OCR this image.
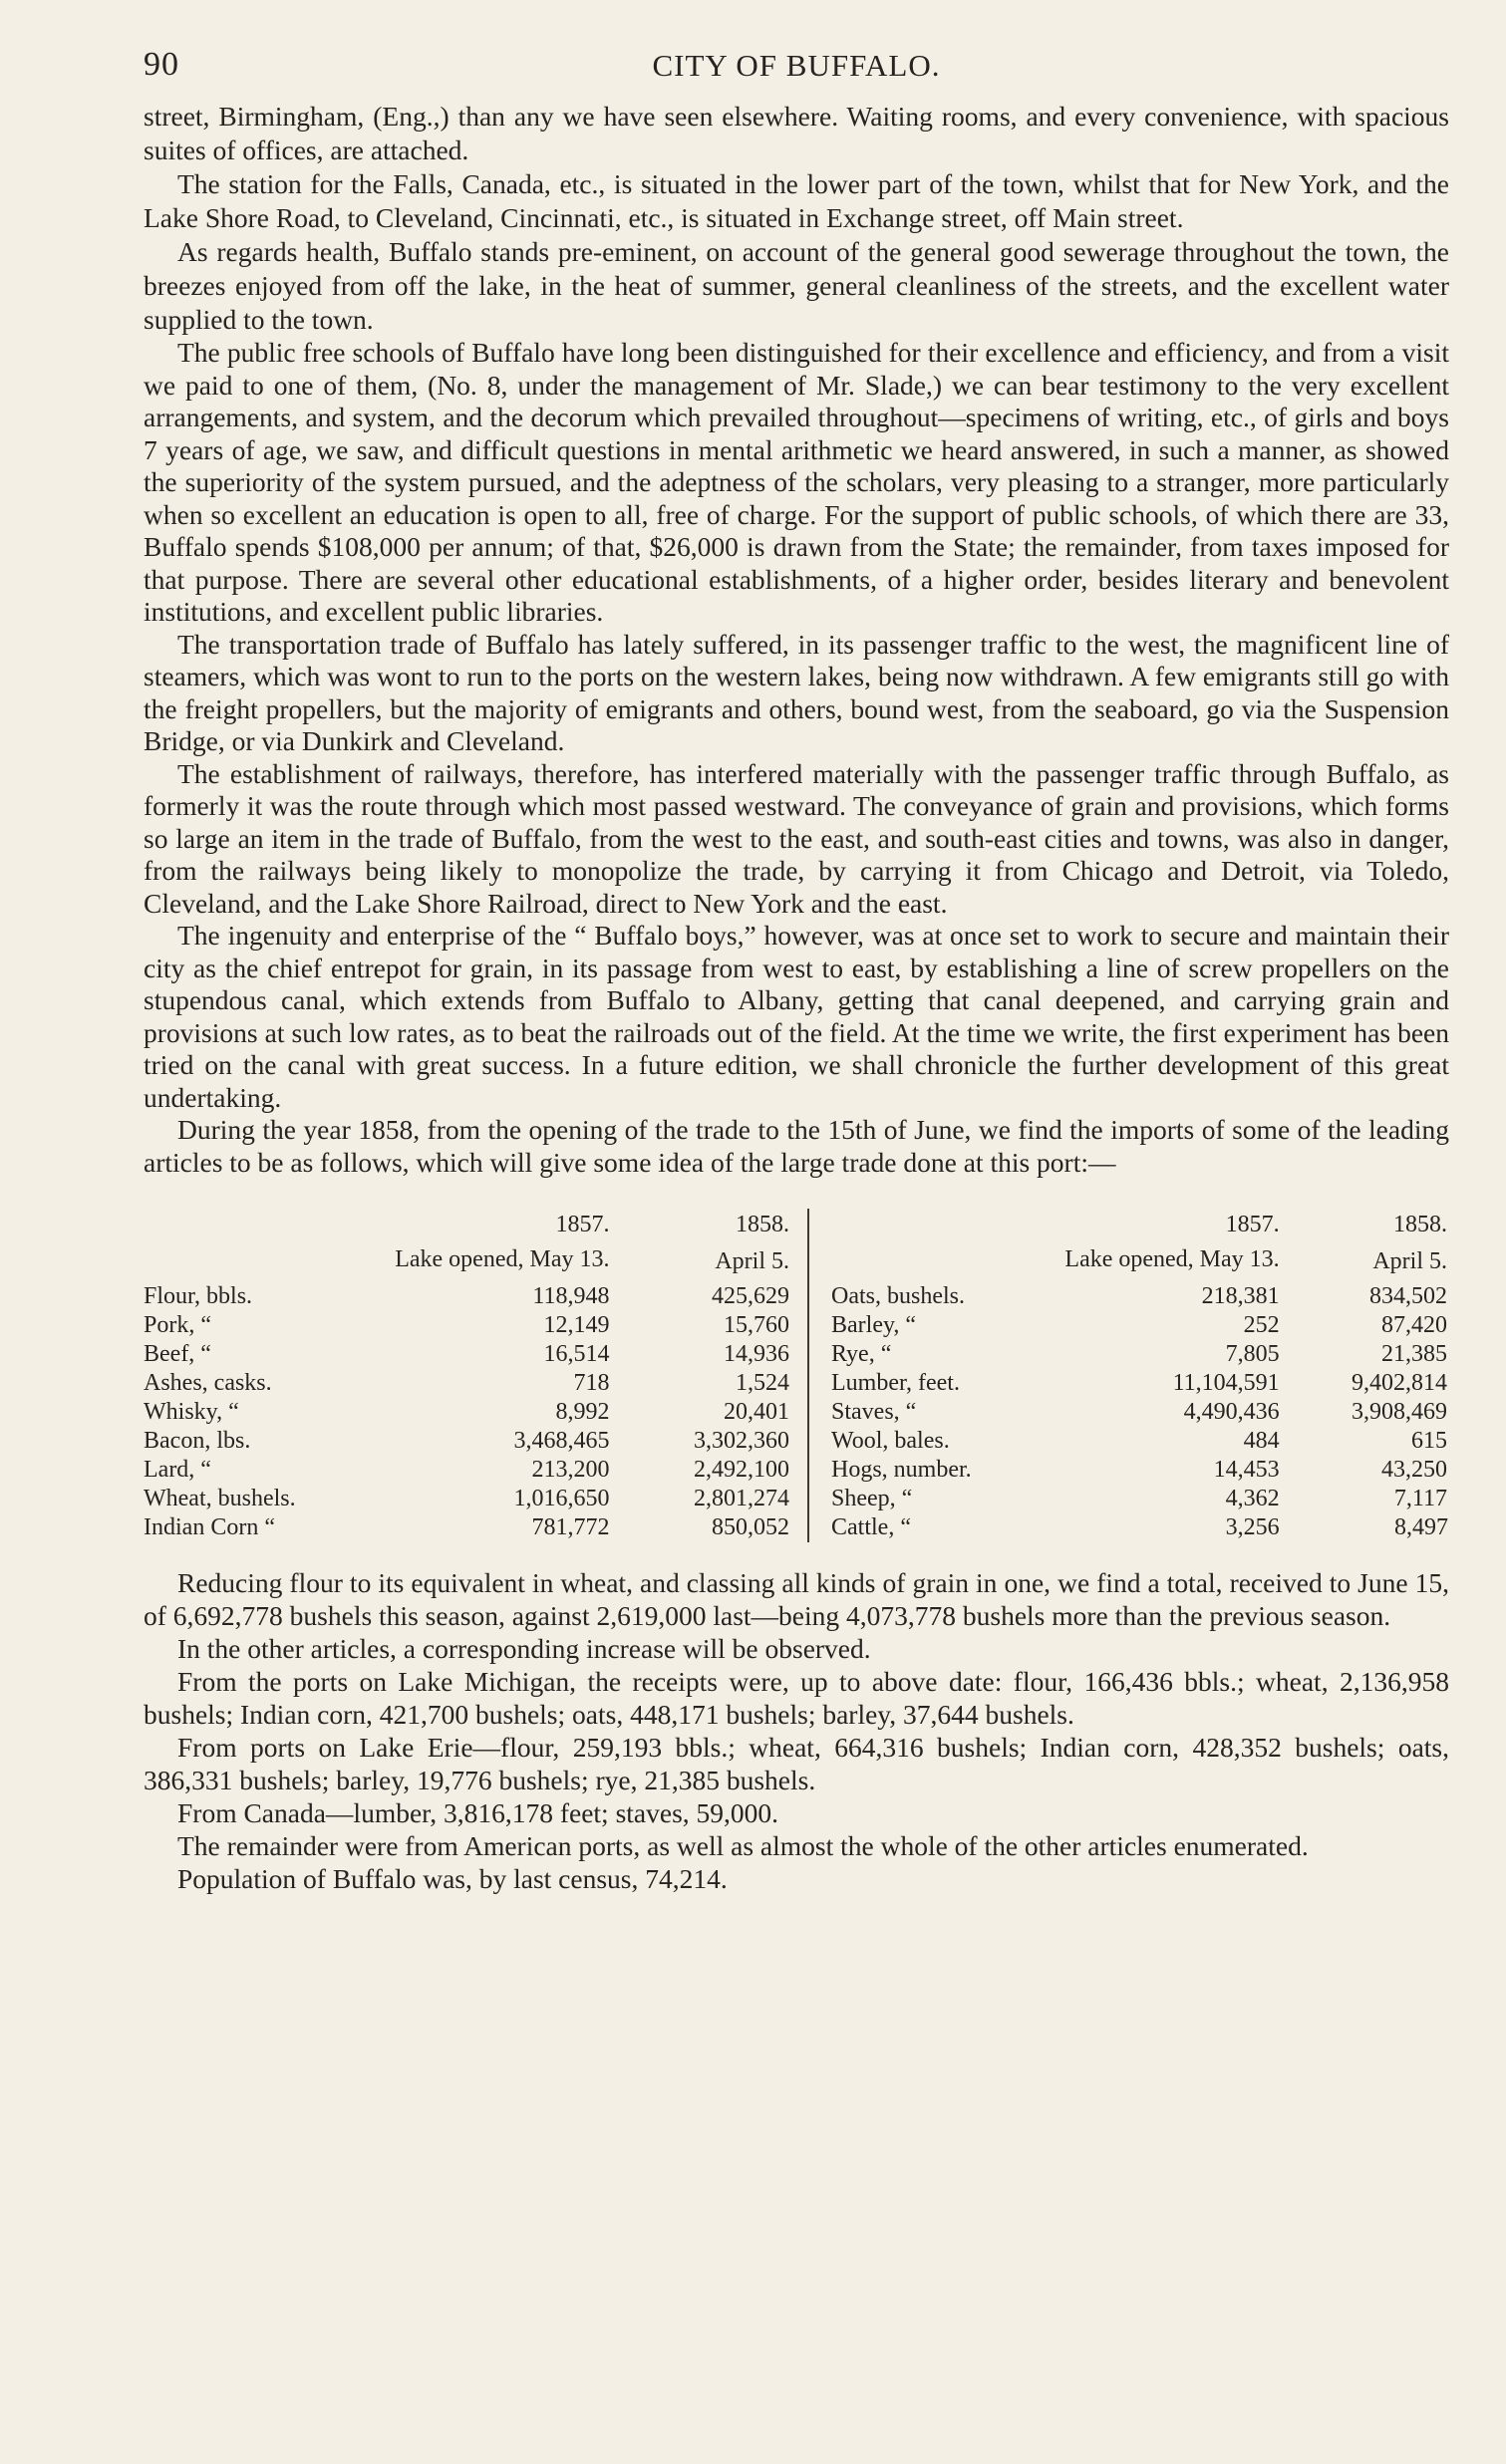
90	CITY OF BUFFALO.

street, Birmingham, (Eng.,) than any we have seen elsewhere. Waiting rooms, and every convenience, with spacious suites of offices, are attached.

The station for the Falls, Canada, etc., is situated in the lower part of the town, whilst that for New York, and the Lake Shore Road, to Cleveland, Cincinnati, etc., is situated in Exchange street, off Main street.

As regards health, Buffalo stands pre-eminent, on account of the general good sewerage throughout the town, the breezes enjoyed from off the lake, in the heat of summer, general cleanliness of the streets, and the excellent water supplied to the town.

The public free schools of Buffalo have long been distinguished for their excellence and efficiency, and from a visit we paid to one of them, (No. 8, under the management of Mr. Slade,) we can bear testimony to the very excellent arrangements, and system, and the decorum which prevailed throughout—specimens of writing, etc., of girls and boys 7 years of age, we saw, and difficult questions in mental arithmetic we heard answered, in such a manner, as showed the superiority of the system pursued, and the adeptness of the scholars, very pleasing to a stranger, more particularly when so excellent an education is open to all, free of charge. For the support of public schools, of which there are 33, Buffalo spends $108,000 per annum; of that, $26,000 is drawn from the State; the remainder, from taxes imposed for that purpose. There are several other educational establishments, of a higher order, besides literary and benevolent institutions, and excellent public libraries.

The transportation trade of Buffalo has lately suffered, in its passenger traffic to the west, the magnificent line of steamers, which was wont to run to the ports on the western lakes, being now withdrawn. A few emigrants still go with the freight propellers, but the majority of emigrants and others, bound west, from the seaboard, go via the Suspension Bridge, or via Dunkirk and Cleveland.

The establishment of railways, therefore, has interfered materially with the passenger traffic through Buffalo, as formerly it was the route through which most passed westward. The conveyance of grain and provisions, which forms so large an item in the trade of Buffalo, from the west to the east, and south-east cities and towns, was also in danger, from the railways being likely to monopolize the trade, by carrying it from Chicago and Detroit, via Toledo, Cleveland, and the Lake Shore Railroad, direct to New York and the east.

The ingenuity and enterprise of the “ Buffalo boys,” however, was at once set to work to secure and maintain their city as the chief entrepot for grain, in its passage from west to east, by establishing a line of screw propellers on the stupendous canal, which extends from Buffalo to Albany, getting that canal deepened, and carrying grain and provisions at such low rates, as to beat the railroads out of the field. At the time we write, the first experiment has been tried on the canal with great success. In a future edition, we shall chronicle the further development of this great undertaking.

During the year 1858, from the opening of the trade to the 15th of June, we find the imports of some of the leading articles to be as follows, which will give some idea of the large trade done at this port:—

	1857.	1858.
Lake opened, May 13.		April 5.
Flour, bbls.	118,948	425,629
Pork, “	12,149	15,760
Beef, “	16,514	14,936
Ashes, casks.	718	1,524
Whisky, “	8,992	20,401
Bacon, lbs.	3,468,465	3,302,360
Lard, “	213,200	2,492,100
Wheat, bushels.	1,016,650	2,801,274
Indian Corn “	781,772	850,052
	1857.	1858.
Lake opened, May 13.		April 5.
Oats, bushels.	218,381	834,502
Barley, “	252	87,420
Rye, “	7,805	21,385
Lumber, feet.	11,104,591	9,402,814
Staves, “	4,490,436	3,908,469
Wool, bales.	484	615
Hogs, number.	14,453	43,250
Sheep, “	4,362	7,117
Cattle, “	3,256	8,497

Reducing flour to its equivalent in wheat, and classing all kinds of grain in one, we find a total, received to June 15, of 6,692,778 bushels this season, against 2,619,000 last—being 4,073,778 bushels more than the previous season.

In the other articles, a corresponding increase will be observed.

From the ports on Lake Michigan, the receipts were, up to above date: flour, 166,436 bbls.; wheat, 2,136,958 bushels; Indian corn, 421,700 bushels; oats, 448,171 bushels; barley, 37,644 bushels.

From ports on Lake Erie—flour, 259,193 bbls.; wheat, 664,316 bushels; Indian corn, 428,352 bushels; oats, 386,331 bushels; barley, 19,776 bushels; rye, 21,385 bushels.

From Canada—lumber, 3,816,178 feet; staves, 59,000.

The remainder were from American ports, as well as almost the whole of the other articles enumerated.

Population of Buffalo was, by last census, 74,214.
